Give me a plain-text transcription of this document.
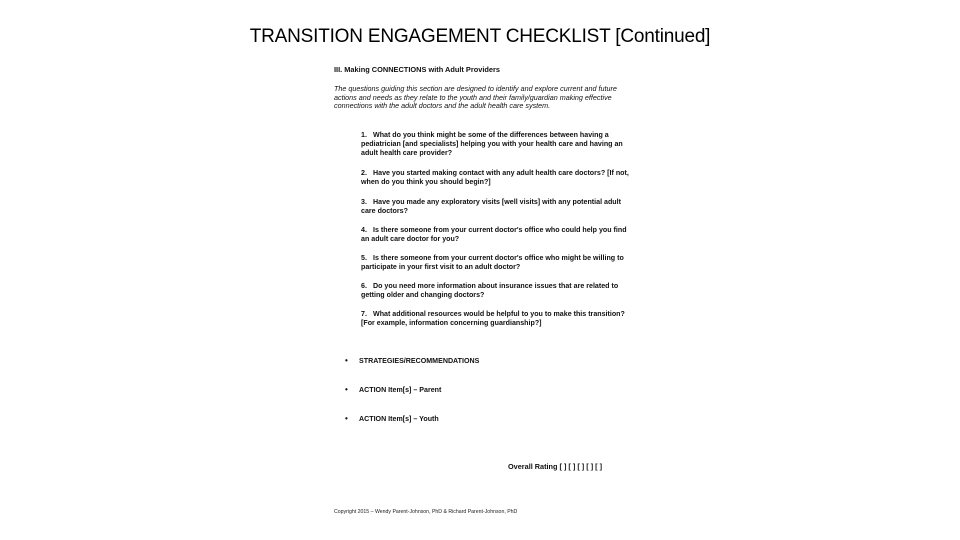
TRANSITION ENGAGEMENT CHECKLIST [Continued]
III. Making CONNECTIONS with Adult Providers
The questions guiding this section are designed to identify and explore current and future actions and needs as they relate to the youth and their family/guardian making effective connections with the adult doctors and the adult health care system.
1. What do you think might be some of the differences between having a pediatrician [and specialists] helping you with your health care and having an adult health care provider?
2. Have you started making contact with any adult health care doctors? [If not, when do you think you should begin?]
3. Have you made any exploratory visits [well visits] with any potential adult care doctors?
4. Is there someone from your current doctor's office who could help you find an adult care doctor for you?
5. Is there someone from your current doctor's office who might be willing to participate in your first visit to an adult doctor?
6. Do you need more information about insurance issues that are related to getting older and changing doctors?
7. What additional resources would be helpful to you to make this transition? [For example, information concerning guardianship?]
• STRATEGIES/RECOMMENDATIONS
• ACTION Item[s] – Parent
• ACTION Item[s] – Youth
Overall Rating [ ] [ ] [ ] [ ] [ ]
Copyright 2015 – Wendy Parent-Johnson, PhD & Richard Parent-Johnson, PhD
